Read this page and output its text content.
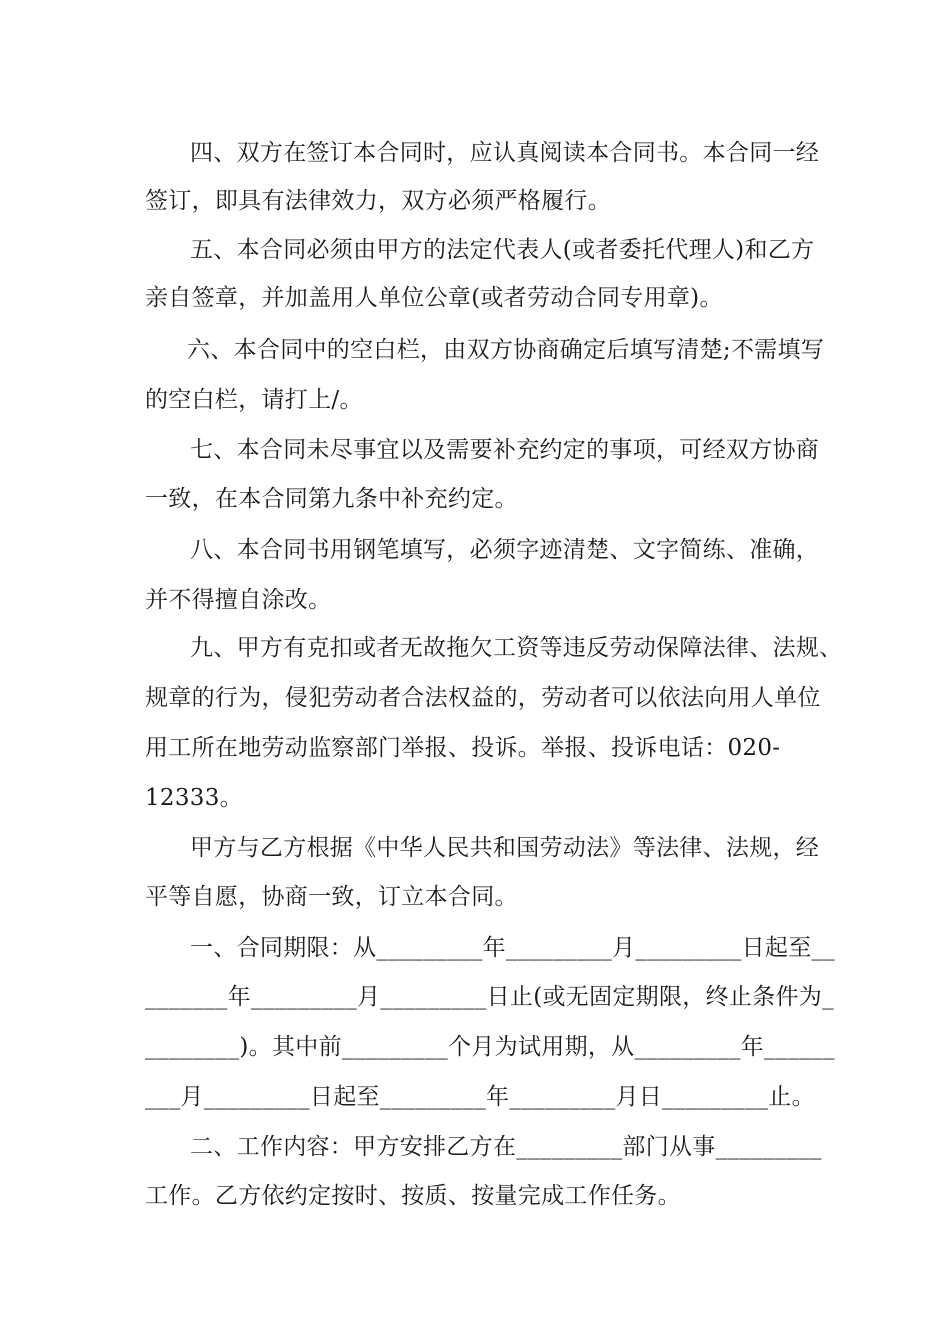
四、双方在签订本合同时，应认真阅读本合同书。本合同一经
签订，即具有法律效力，双方必须严格履行。
五、本合同必须由甲方的法定代表人(或者委托代理人)和乙方
亲自签章，并加盖用人单位公章(或者劳动合同专用章)。
六、本合同中的空白栏，由双方协商确定后填写清楚;不需填写
的空白栏，请打上/。
七、本合同未尽事宜以及需要补充约定的事项，可经双方协商
一致，在本合同第九条中补充约定。
八、本合同书用钢笔填写，必须字迹清楚、文字简练、准确，
并不得擅自涂改。
九、甲方有克扣或者无故拖欠工资等违反劳动保障法律、法规、
规章的行为，侵犯劳动者合法权益的，劳动者可以依法向用人单位
用工所在地劳动监察部门举报、投诉。举报、投诉电话：020-
12333。
甲方与乙方根据《中华人民共和国劳动法》等法律、法规，经
平等自愿，协商一致，订立本合同。
一、合同期限：从_________年_________月_________日起至__
_______年_________月_________日止(或无固定期限，终止条件为_
________)。其中前_________个月为试用期，从_________年______
___月_________日起至_________年_________月日_________止。
二、工作内容：甲方安排乙方在_________部门从事_________
工作。乙方依约定按时、按质、按量完成工作任务。
